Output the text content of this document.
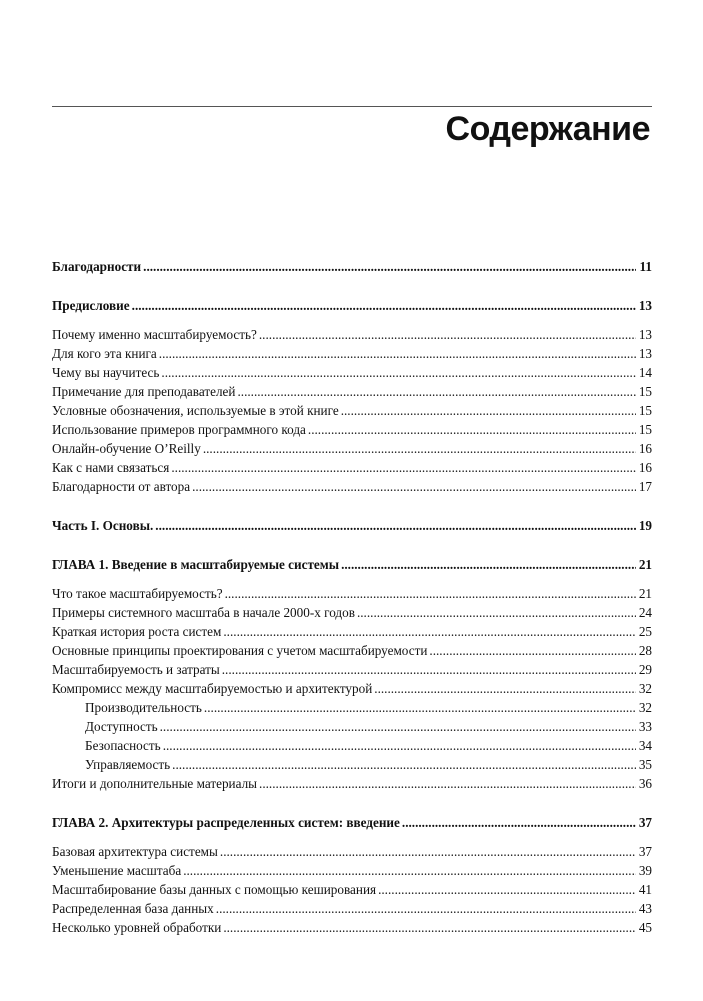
Содержание
Благодарности .....	11
Предисловие .....	13
Почему именно масштабируемость? .....	13
Для кого эта книга .....	13
Чему вы научитесь .....	14
Примечание для преподавателей .....	15
Условные обозначения, используемые в этой книге .....	15
Использование примеров программного кода .....	15
Онлайн-обучение O’Reilly .....	16
Как с нами связаться .....	16
Благодарности от автора .....	17
Часть I. Основы. .....	19
ГЛАВА 1. Введение в масштабируемые системы .....	21
Что такое масштабируемость? .....	21
Примеры системного масштаба в начале 2000-х годов .....	24
Краткая история роста систем .....	25
Основные принципы проектирования с учетом масштабируемости .....	28
Масштабируемость и затраты .....	29
Компромисс между масштабируемостью и архитектурой .....	32
Производительность .....	32
Доступность .....	33
Безопасность .....	34
Управляемость .....	35
Итоги и дополнительные материалы .....	36
ГЛАВА 2. Архитектуры распределенных систем: введение .....	37
Базовая архитектура системы .....	37
Уменьшение масштаба .....	39
Масштабирование базы данных с помощью кеширования .....	41
Распределенная база данных .....	43
Несколько уровней обработки .....	45
